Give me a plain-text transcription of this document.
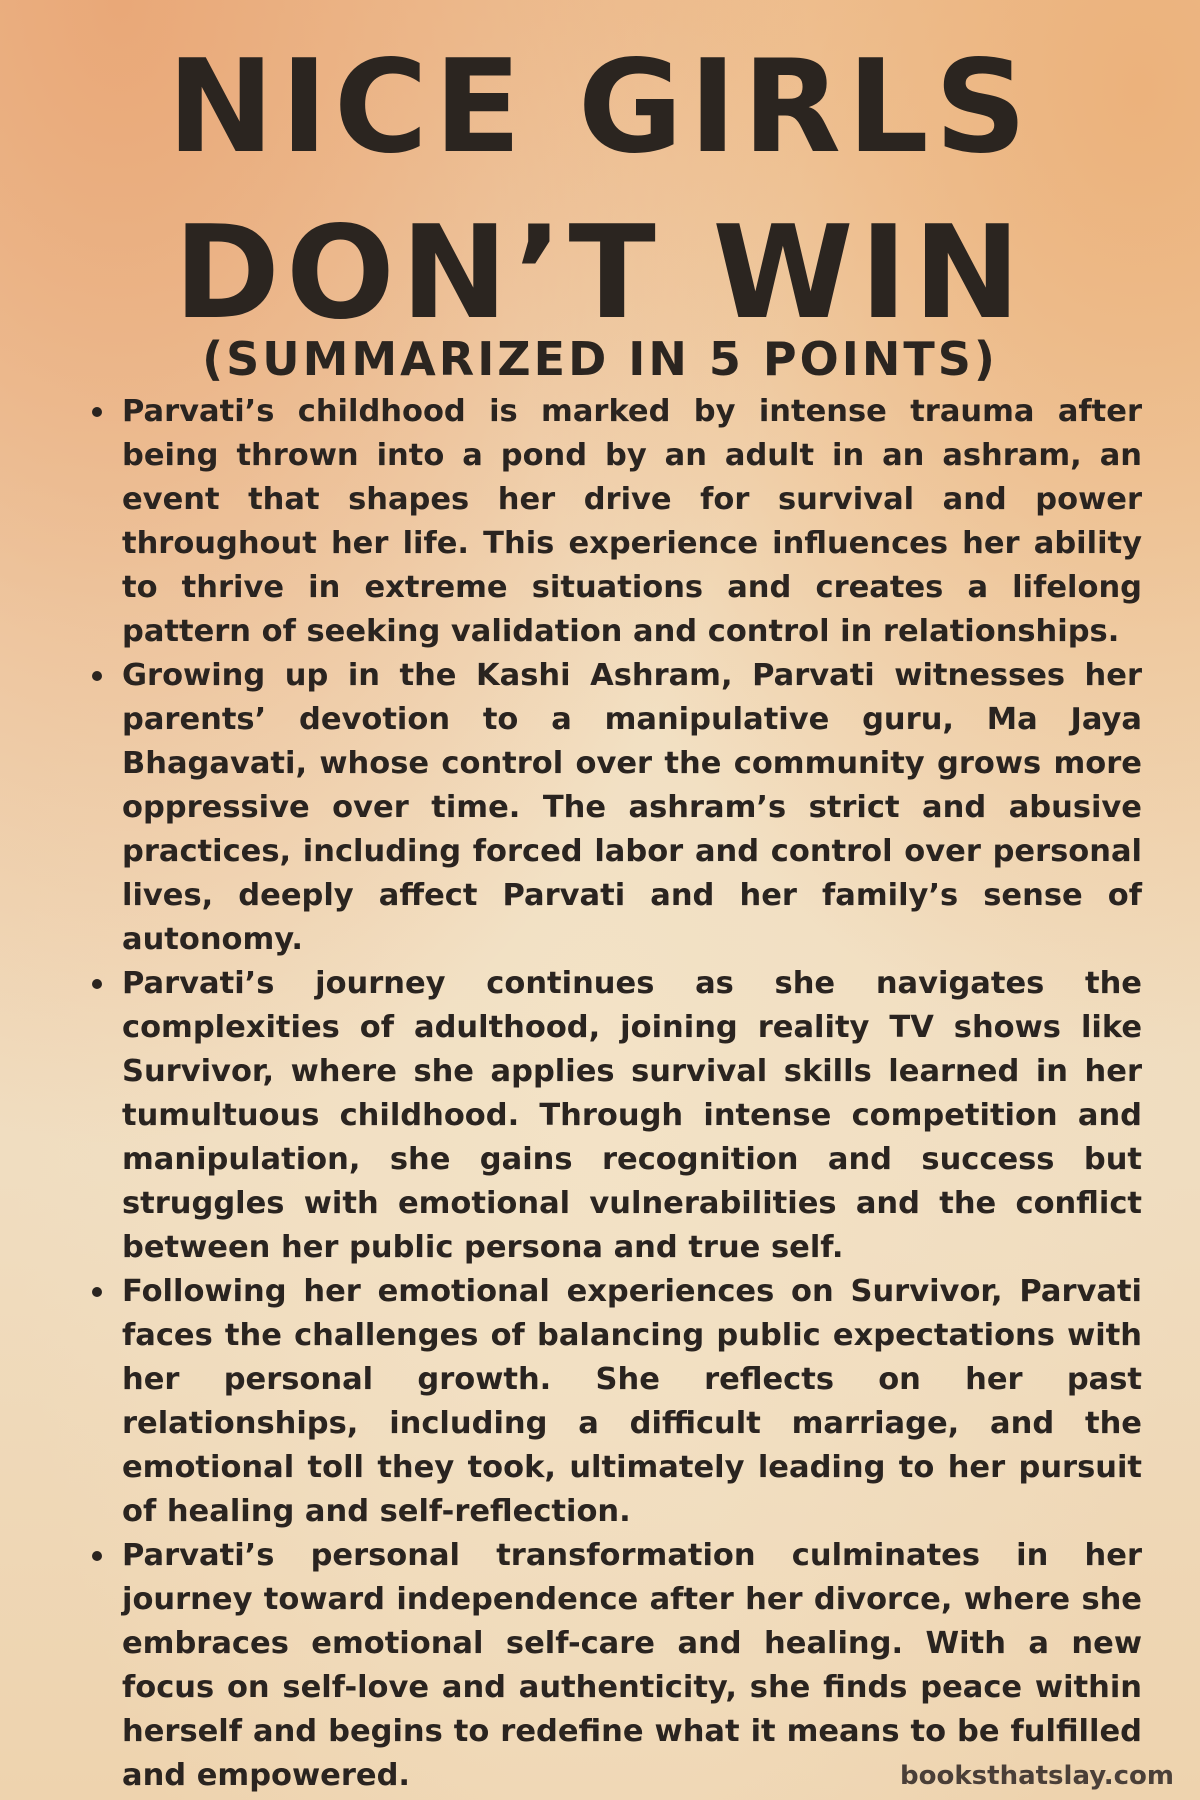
NICE GIRLS
DON’T WIN
(SUMMARIZED IN 5 POINTS)
Parvati’s childhood is marked by intense trauma after being thrown into a pond by an adult in an ashram, an event that shapes her drive for survival and power throughout her life. This experience influences her ability to thrive in extreme situations and creates a lifelong pattern of seeking validation and control in relationships.
Growing up in the Kashi Ashram, Parvati witnesses her parents’ devotion to a manipulative guru, Ma Jaya Bhagavati, whose control over the community grows more oppressive over time. The ashram’s strict and abusive practices, including forced labor and control over personal lives, deeply affect Parvati and her family’s sense of autonomy.
Parvati’s journey continues as she navigates the complexities of adulthood, joining reality TV shows like Survivor, where she applies survival skills learned in her tumultuous childhood. Through intense competition and manipulation, she gains recognition and success but struggles with emotional vulnerabilities and the conflict between her public persona and true self.
Following her emotional experiences on Survivor, Parvati faces the challenges of balancing public expectations with her personal growth. She reflects on her past relationships, including a difficult marriage, and the emotional toll they took, ultimately leading to her pursuit of healing and self-reflection.
Parvati’s personal transformation culminates in her journey toward independence after her divorce, where she embraces emotional self-care and healing. With a new focus on self-love and authenticity, she finds peace within herself and begins to redefine what it means to be fulfilled and empowered.	booksthatslay.com
